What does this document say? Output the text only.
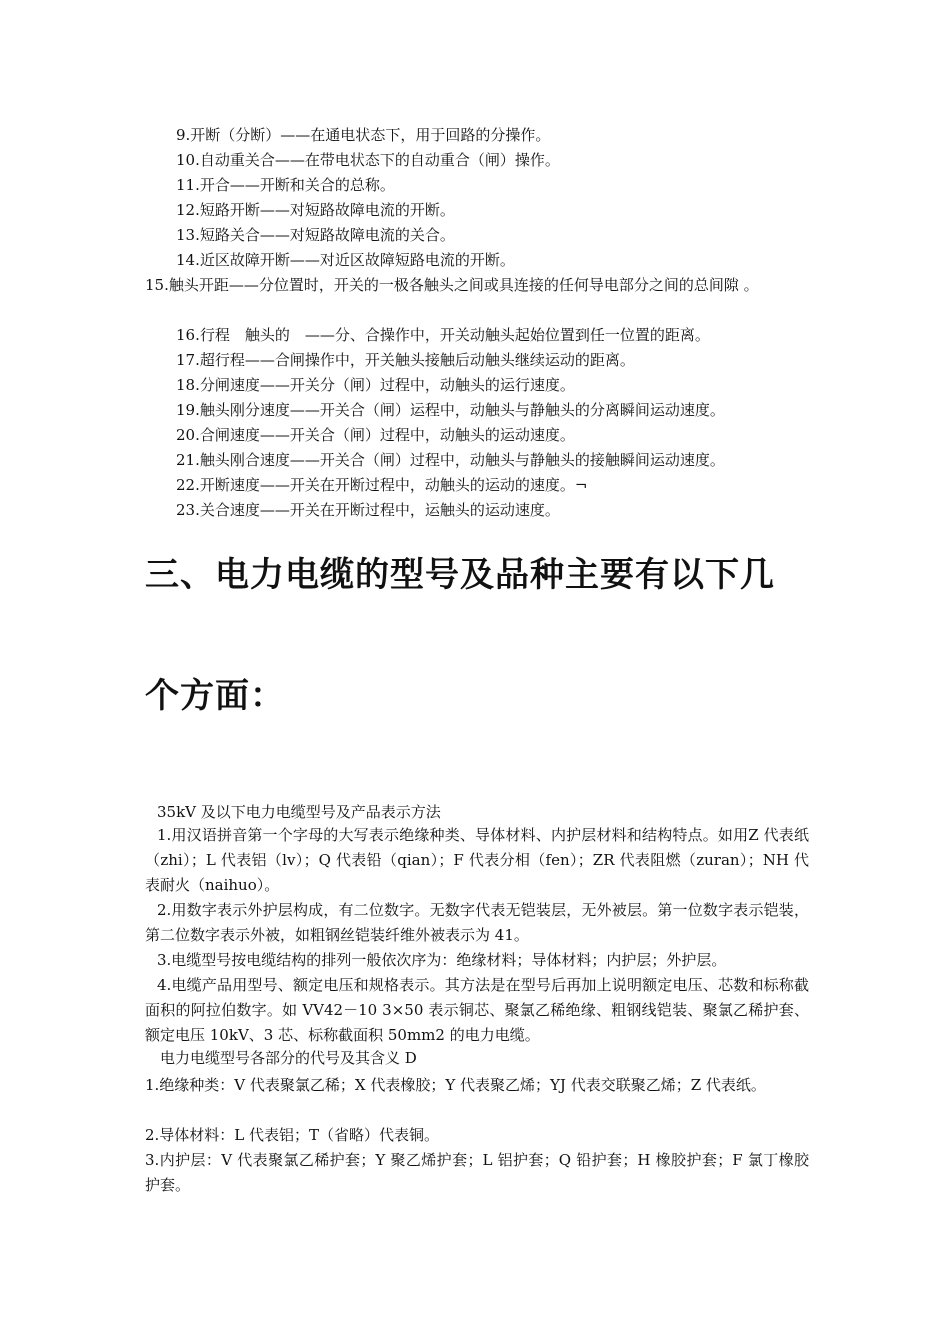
9.开断（分断）——在通电状态下，用于回路的分操作。
10.自动重关合——在带电状态下的自动重合（闸）操作。
11.开合——开断和关合的总称。
12.短路开断——对短路故障电流的开断。
13.短路关合——对短路故障电流的关合。
14.近区故障开断——对近区故障短路电流的开断。
15.触头开距——分位置时，开关的一极各触头之间或具连接的任何导电部分之间的总间隙 。
16.行程　触头的　——分、合操作中，开关动触头起始位置到任一位置的距离。
17.超行程——合闸操作中，开关触头接触后动触头继续运动的距离。
18.分闸速度——开关分（闸）过程中，动触头的运行速度。
19.触头刚分速度——开关合（闸）运程中，动触头与静触头的分离瞬间运动速度。
20.合闸速度——开关合（闸）过程中，动触头的运动速度。
21.触头刚合速度——开关合（闸）过程中，动触头与静触头的接触瞬间运动速度。
22.开断速度——开关在开断过程中，动触头的运动的速度。¬
23.关合速度——开关在开断过程中，运触头的运动速度。
三、电力电缆的型号及品种主要有以下几
个方面：
35kV 及以下电力电缆型号及产品表示方法
1.用汉语拼音第一个字母的大写表示绝缘种类、导体材料、内护层材料和结构特点。如用Z 代表纸（zhi）；L 代表铝（lv）；Q 代表铅（qian）；F 代表分相（fen）；ZR 代表阻燃（zuran）；NH 代表耐火（naihuo）。
2.用数字表示外护层构成，有二位数字。无数字代表无铠装层，无外被层。第一位数字表示铠装，第二位数字表示外被，如粗钢丝铠装纤维外被表示为 41。
3.电缆型号按电缆结构的排列一般依次序为：绝缘材料；导体材料；内护层；外护层。
4.电缆产品用型号、额定电压和规格表示。其方法是在型号后再加上说明额定电压、芯数和标称截面积的阿拉伯数字。如 VV42－10 3×50 表示铜芯、聚氯乙稀绝缘、粗钢线铠装、聚氯乙稀护套、额定电压 10kV、3 芯、标称截面积 50mm2 的电力电缆。
电力电缆型号各部分的代号及其含义 D
1.绝缘种类：V 代表聚氯乙稀；X 代表橡胶；Y 代表聚乙烯；YJ 代表交联聚乙烯；Z 代表纸。
2.导体材料：L 代表铝；T（省略）代表铜。
3.内护层：V 代表聚氯乙稀护套；Y 聚乙烯护套；L 铝护套；Q 铅护套；H 橡胶护套；F 氯丁橡胶护套。
